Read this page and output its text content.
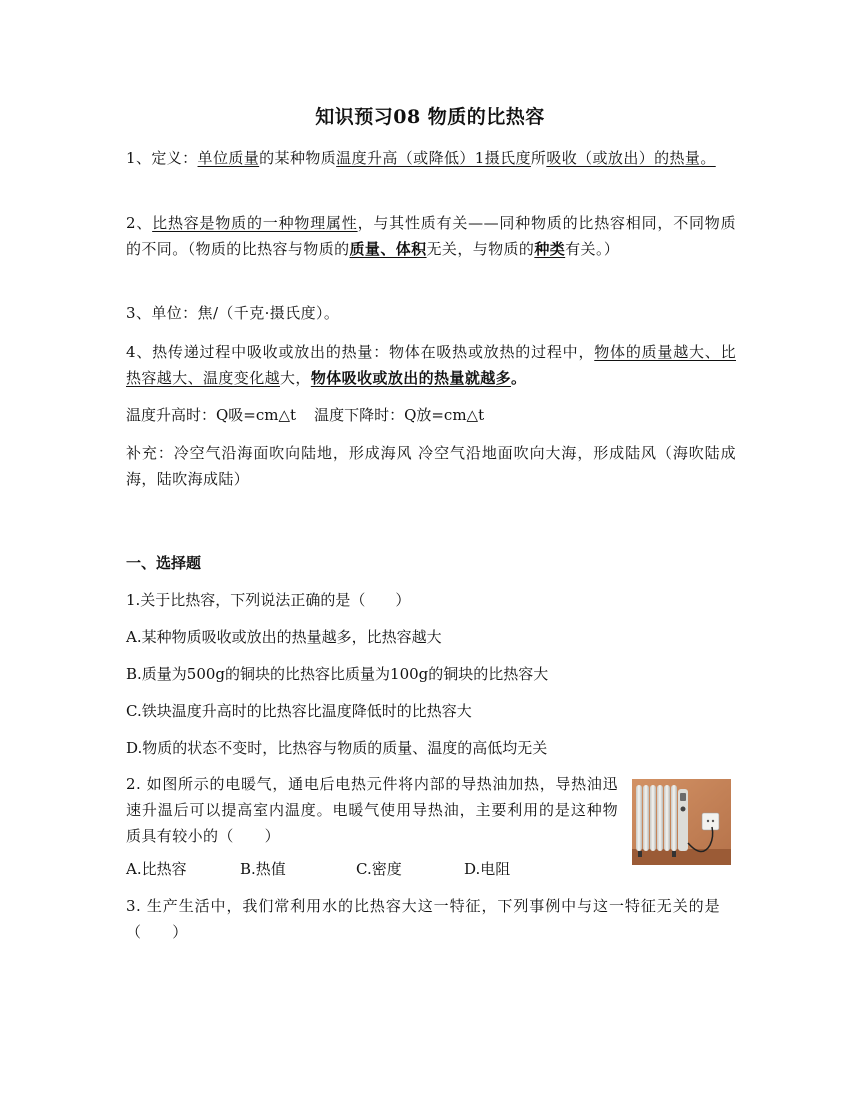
知识预习08 物质的比热容
1、定义：单位质量的某种物质温度升高（或降低）1摄氏度所吸收（或放出）的热量。
2、比热容是物质的一种物理属性，与其性质有关——同种物质的比热容相同，不同物质的不同。（物质的比热容与物质的质量、体积无关，与物质的种类有关。）
3、单位：焦/（千克·摄氏度）。
4、热传递过程中吸收或放出的热量：物体在吸热或放热的过程中，物体的质量越大、比热容越大、温度变化越大，物体吸收或放出的热量就越多。
温度升高时：Q吸=cm△t 温度下降时：Q放=cm△t
补充：冷空气沿海面吹向陆地，形成海风 冷空气沿地面吹向大海，形成陆风（海吹陆成海，陆吹海成陆）
一、选择题
1.关于比热容，下列说法正确的是（　　）
A.某种物质吸收或放出的热量越多，比热容越大
B.质量为500g的铜块的比热容比质量为100g的铜块的比热容大
C.铁块温度升高时的比热容比温度降低时的比热容大
D.物质的状态不变时，比热容与物质的质量、温度的高低均无关
2. 如图所示的电暖气，通电后电热元件将内部的导热油加热，导热油迅速升温后可以提高室内温度。电暖气使用导热油，主要利用的是这种物质具有较小的（　　）
A.比热容	B.热值	C.密度	D.电阻
3. 生产生活中，我们常利用水的比热容大这一特征，下列事例中与这一特征无关的是（　　）
